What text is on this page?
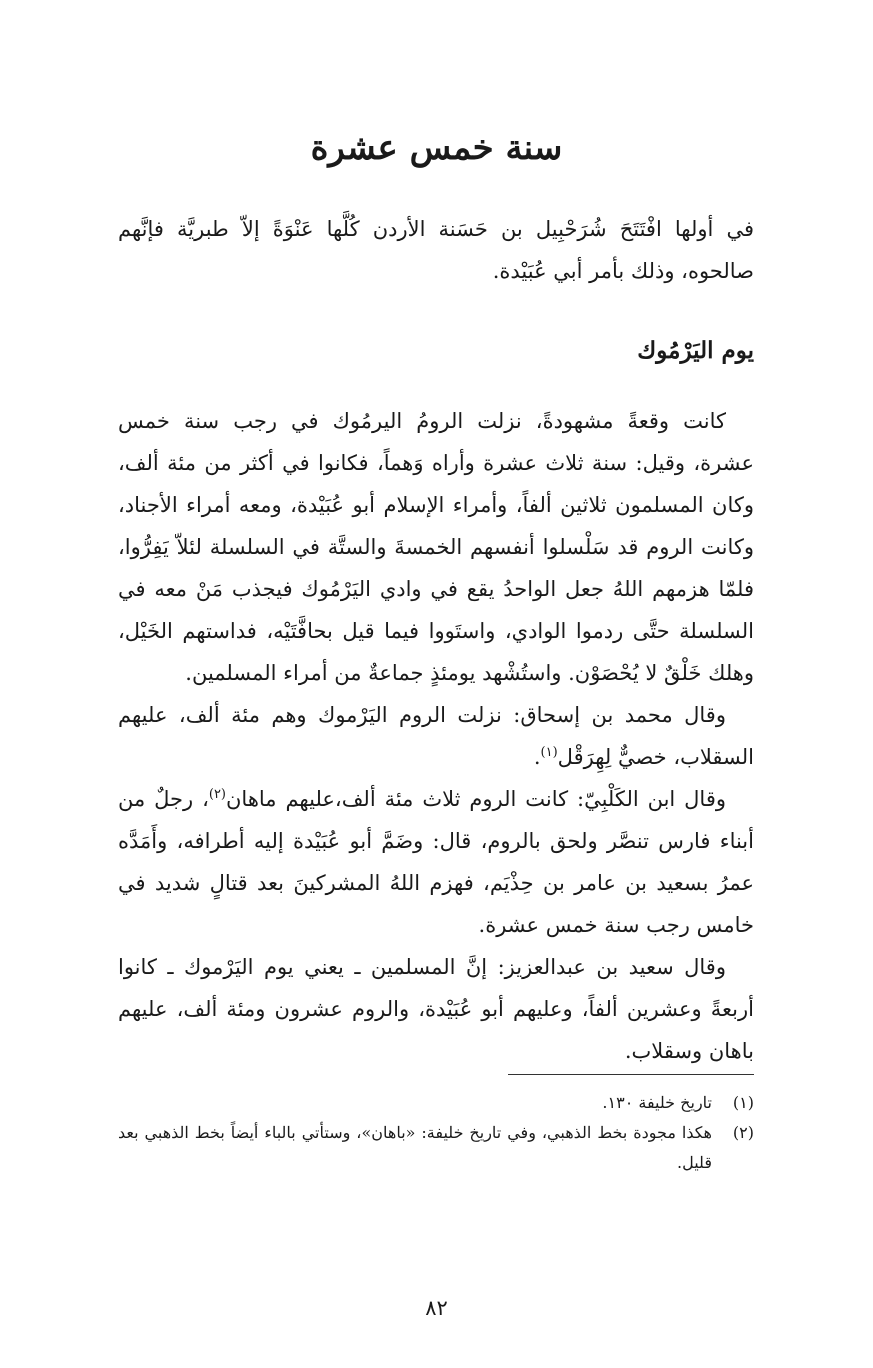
سنة خمس عشرة

في أولها افْتَتَحَ شُرَحْبِيل بن حَسَنة الأردن كُلَّها عَنْوَةً إلاّ طبريَّة فإنَّهم صالحوه، وذلك بأمر أبي عُبَيْدة.

يوم اليَرْمُوك

كانت وقعةً مشهودةً، نزلت الرومُ اليرمُوك في رجب سنة خمس عشرة، وقيل: سنة ثلاث عشرة وأراه وَهماً، فكانوا في أكثر من مئة ألف، وكان المسلمون ثلاثين ألفاً، وأمراء الإسلام أبو عُبَيْدة، ومعه أمراء الأجناد، وكانت الروم قد سَلْسلوا أنفسهم الخمسةَ والستَّة في السلسلة لئلاّ يَفِرُّوا، فلمّا هزمهم اللهُ جعل الواحدُ يقع في وادي اليَرْمُوك فيجذب مَنْ معه في السلسلة حتَّى ردموا الوادي، واستَووا فيما قيل بحافَّتَيْه، فداستهم الخَيْل، وهلك خَلْقٌ لا يُحْصَوْن. واستُشْهد يومئذٍ جماعةٌ من أمراء المسلمين.

وقال محمد بن إسحاق: نزلت الروم اليَرْموك وهم مئة ألف، عليهم السقلاب، خصيٌّ لِهِرَقْل$^{(١)}$.

وقال ابن الكَلْبِيّ: كانت الروم ثلاث مئة ألف،عليهم ماهان$^{(٢)}$، رجلٌ من أبناء فارس تنصَّر ولحق بالروم، قال: وضَمَّ أبو عُبَيْدة إليه أطرافه، وأَمَدَّه عمرُ بسعيد بن عامر بن حِذْيَم، فهزم اللهُ المشركينَ بعد قتالٍ شديد في خامس رجب سنة خمس عشرة.

وقال سعيد بن عبدالعزيز: إنَّ المسلمين ـ يعني يوم اليَرْموك ـ كانوا أربعةً وعشرين ألفاً، وعليهم أبو عُبَيْدة، والروم عشرون ومئة ألف، عليهم باهان وسقلاب.

(١)
تاريخ خليفة ١٣٠.
(٢)
هكذا مجودة بخط الذهبي، وفي تاريخ خليفة: «باهان»، وستأتي بالباء أيضاً بخط الذهبي بعد قليل.
٨٢
